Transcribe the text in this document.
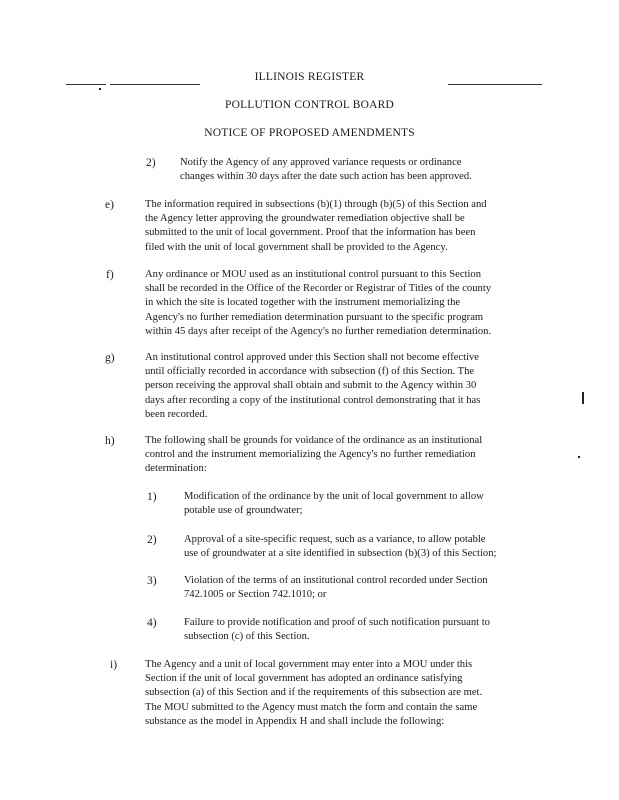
ILLINOIS REGISTER
POLLUTION CONTROL BOARD
NOTICE OF PROPOSED AMENDMENTS
2) Notify the Agency of any approved variance requests or ordinance
changes within 30 days after the date such action has been approved.
e)	The information required in subsections (b)(1) through (b)(5) of this Section and
the Agency letter approving the groundwater remediation objective shall be
submitted to the unit of local government. Proof that the information has been
filed with the unit of local government shall be provided to the Agency.
f)	Any ordinance or MOU used as an institutional control pursuant to this Section
shall be recorded in the Office of the Recorder or Registrar of Titles of the county
in which the site is located together with the instrument memorializing the
Agency's no further remediation determination pursuant to the specific program
within 45 days after receipt of the Agency's no further remediation determination.
g)	An institutional control approved under this Section shall not become effective
until officially recorded in accordance with subsection (f) of this Section. The
person receiving the approval shall obtain and submit to the Agency within 30
days after recording a copy of the institutional control demonstrating that it has
been recorded.
h)	The following shall be grounds for voidance of the ordinance as an institutional
control and the instrument memorializing the Agency's no further remediation
determination:
1)	Modification of the ordinance by the unit of local government to allow
potable use of groundwater;
2)	Approval of a site-specific request, such as a variance, to allow potable
use of groundwater at a site identified in subsection (b)(3) of this Section;
3)	Violation of the terms of an institutional control recorded under Section
742.1005 or Section 742.1010; or
4)	Failure to provide notification and proof of such notification pursuant to
subsection (c) of this Section.
i)	The Agency and a unit of local government may enter into a MOU under this
Section if the unit of local government has adopted an ordinance satisfying
subsection (a) of this Section and if the requirements of this subsection are met.
The MOU submitted to the Agency must match the form and contain the same
substance as the model in Appendix H and shall include the following:
